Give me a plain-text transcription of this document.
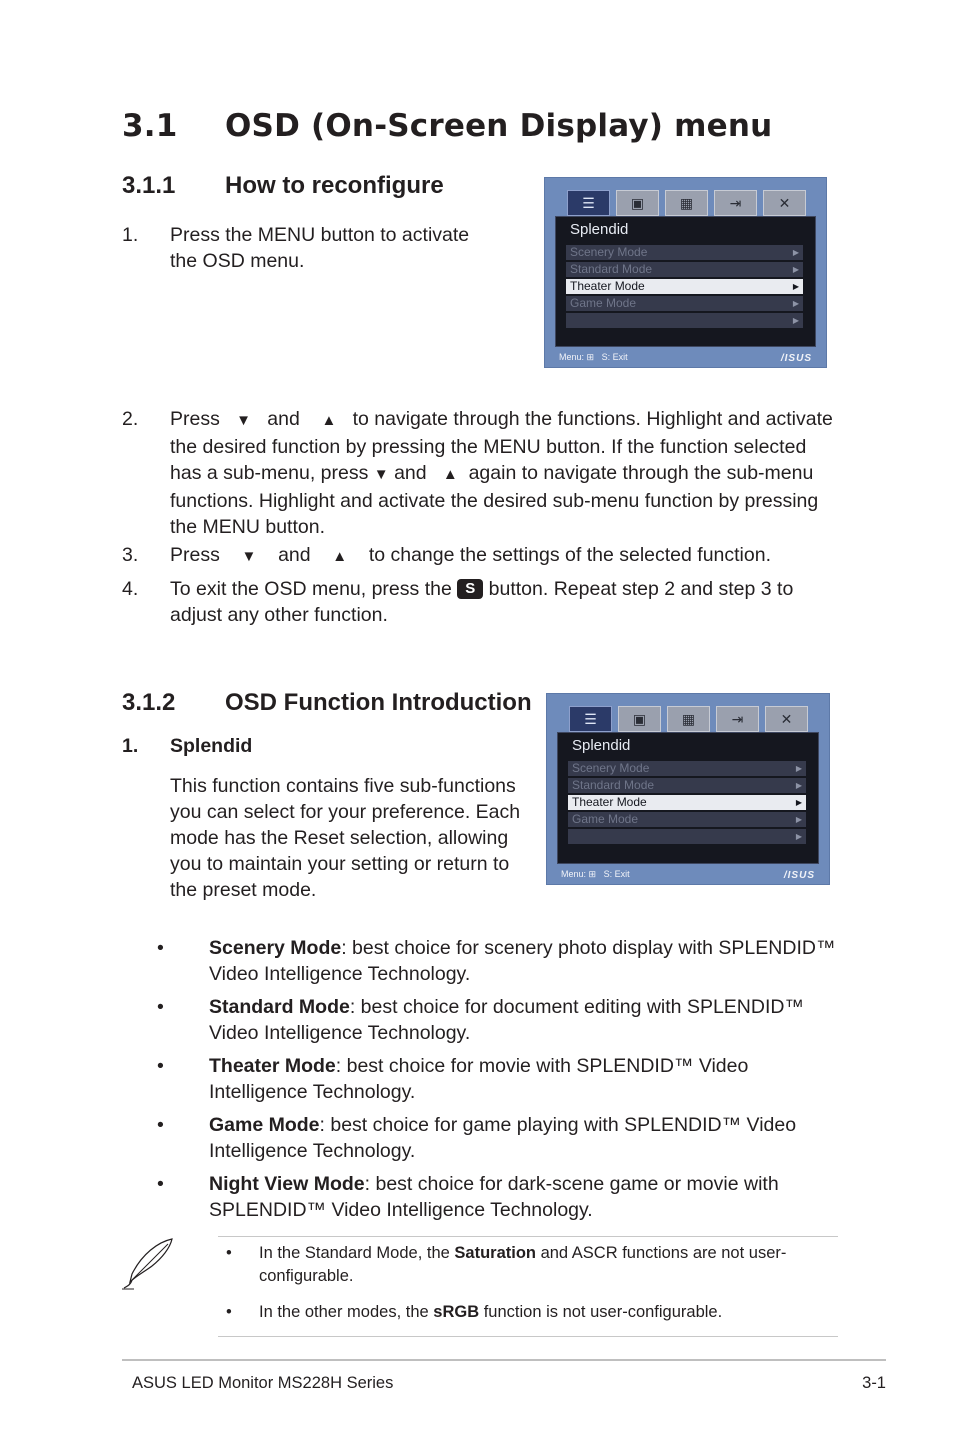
3.1 OSD (On-Screen Display) menu
3.1.1 How to reconfigure
1. Press the MENU button to activate the OSD menu.
☰	▣	▦	⇥	✕
Splendid
Scenery Mode	▶
Standard Mode	▶
Theater Mode	▶
Game Mode	▶
▶
Menu: ⊞ S: Exit	/ISUS
2. Press ▼ and ▲ to navigate through the functions. Highlight and activate the desired function by pressing the MENU button. If the function selected has a sub-menu, press ▼ and ▲ again to navigate through the sub-menu functions. Highlight and activate the desired sub-menu function by pressing the MENU button.
3. Press ▼ and ▲ to change the settings of the selected function.
4. To exit the OSD menu, press the S button. Repeat step 2 and step 3 to adjust any other function.
3.1.2 OSD Function Introduction
1. Splendid
This function contains five sub-functions you can select for your preference. Each mode has the Reset selection, allowing you to maintain your setting or return to the preset mode.
☰	▣	▦	⇥	✕
Splendid
Scenery Mode	▶
Standard Mode	▶
Theater Mode	▶
Game Mode	▶
▶
Menu: ⊞ S: Exit	/ISUS
• Scenery Mode: best choice for scenery photo display with SPLENDID™ Video Intelligence Technology.
• Standard Mode: best choice for document editing with SPLENDID™ Video Intelligence Technology.
• Theater Mode: best choice for movie with SPLENDID™ Video Intelligence Technology.
• Game Mode: best choice for game playing with SPLENDID™ Video Intelligence Technology.
• Night View Mode: best choice for dark-scene game or movie with SPLENDID™ Video Intelligence Technology.
• In the Standard Mode, the Saturation and ASCR functions are not user-configurable.
• In the other modes, the sRGB function is not user-configurable.
ASUS LED Monitor MS228H Series	3-1
